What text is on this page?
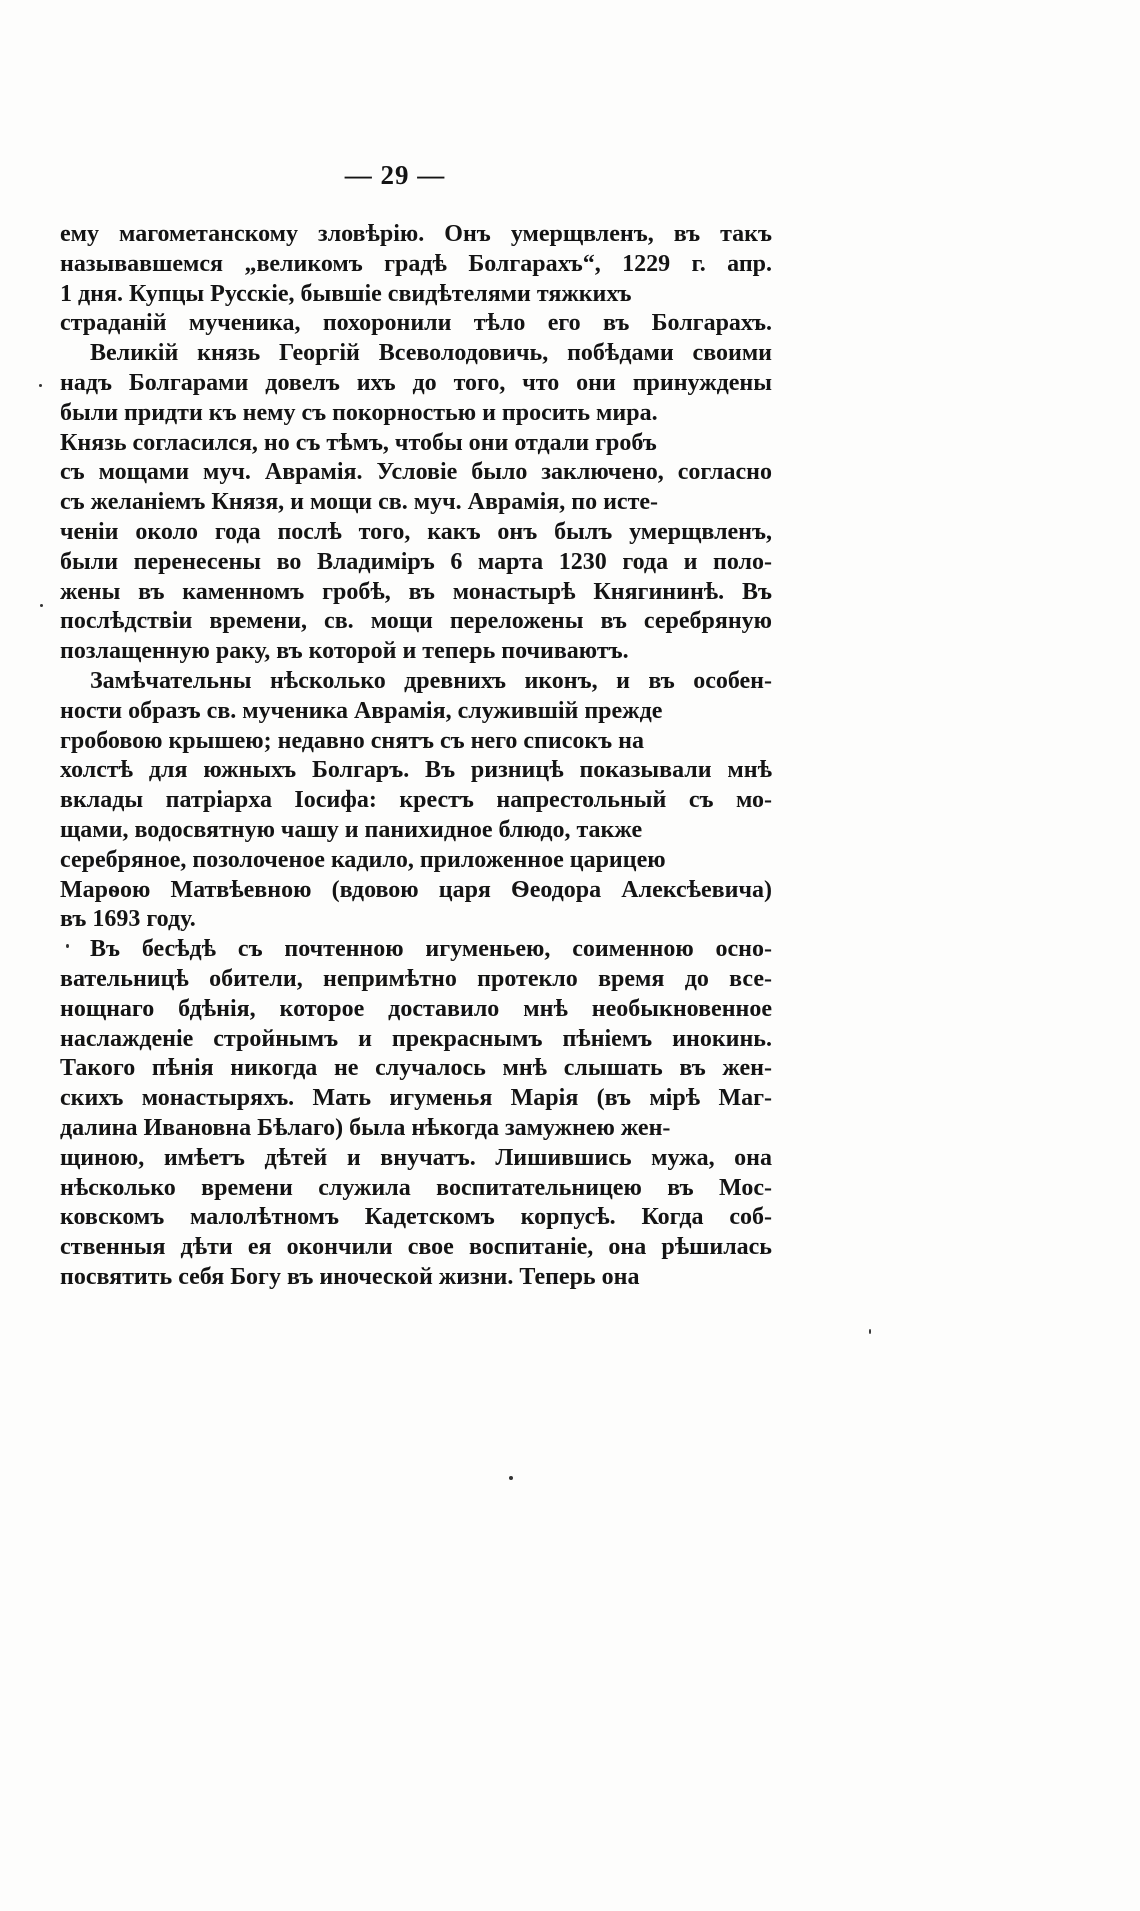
— 29 —
ему магометанскому зловѣрію. Онъ умерщвленъ, въ такъ
называвшемся „великомъ градѣ Болгарахъ“, 1229 г. апр.
1 дня. Купцы Русскіе, бывшіе свидѣтелями тяжкихъ
страданій мученика, похоронили тѣло его въ Болгарахъ.
Великій князь Георгій Всеволодовичь, побѣдами своими
надъ Болгарами довелъ ихъ до того, что они принуждены
были придти къ нему съ покорностью и просить мира.
Князь согласился, но съ тѣмъ, чтобы они отдали гробъ
съ мощами муч. Аврамія. Условіе было заключено, согласно
съ желаніемъ Князя, и мощи св. муч. Аврамія, по исте-
ченіи около года послѣ того, какъ онъ былъ умерщвленъ,
были перенесены во Владиміръ 6 марта 1230 года и поло-
жены въ каменномъ гробѣ, въ монастырѣ Княгининѣ. Въ
послѣдствіи времени, св. мощи переложены въ серебряную
позлащенную раку, въ которой и теперь почиваютъ.
Замѣчательны нѣсколько древнихъ иконъ, и въ особен-
ности образъ св. мученика Аврамія, служившій прежде
гробовою крышею; недавно снятъ съ него списокъ на
холстѣ для южныхъ Болгаръ. Въ ризницѣ показывали мнѣ
вклады патріарха Іосифа: крестъ напрестольный съ мо-
щами, водосвятную чашу и панихидное блюдо, также
серебряное, позолоченое кадило, приложенное царицею
Марѳою Матвѣевною (вдовою царя Ѳеодора Алексѣевича)
въ 1693 году.
Въ бесѣдѣ съ почтенною игуменьею, соименною осно-
вательницѣ обители, непримѣтно протекло время до все-
нощнаго бдѣнія, которое доставило мнѣ необыкновенное
наслажденіе стройнымъ и прекраснымъ пѣніемъ инокинь.
Такого пѣнія никогда не случалось мнѣ слышать въ жен-
скихъ монастыряхъ. Мать игуменья Марія (въ мірѣ Маг-
далина Ивановна Бѣлаго) была нѣкогда замужнею жен-
щиною, имѣетъ дѣтей и внучатъ. Лишившись мужа, она
нѣсколько времени служила воспитательницею въ Мос-
ковскомъ малолѣтномъ Кадетскомъ корпусѣ. Когда соб-
ственныя дѣти ея окончили свое воспитаніе, она рѣшилась
посвятить себя Богу въ иноческой жизни. Теперь она
